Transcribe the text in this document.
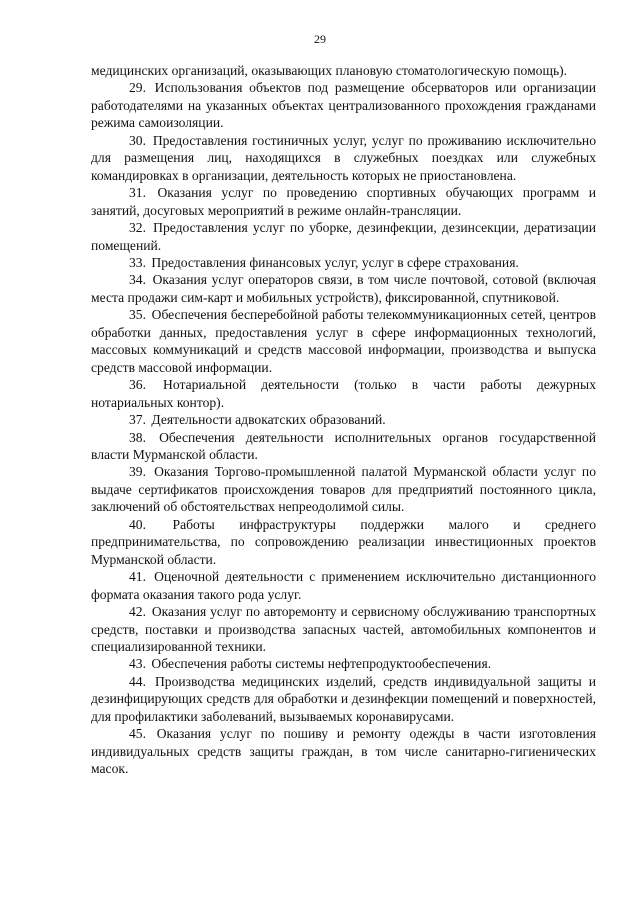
29

медицинских организаций, оказывающих плановую стоматологическую помощь).

29. Использования объектов под размещение обсерваторов или организации работодателями на указанных объектах централизованного прохождения гражданами режима самоизоляции.

30. Предоставления гостиничных услуг, услуг по проживанию исключительно для размещения лиц, находящихся в служебных поездках или служебных командировках в организации, деятельность которых не приостановлена.

31. Оказания услуг по проведению спортивных обучающих программ и занятий, досуговых мероприятий в режиме онлайн-трансляции.

32. Предоставления услуг по уборке, дезинфекции, дезинсекции, дератизации помещений.

33. Предоставления финансовых услуг, услуг в сфере страхования.

34. Оказания услуг операторов связи, в том числе почтовой, сотовой (включая места продажи сим-карт и мобильных устройств), фиксированной, спутниковой.

35. Обеспечения бесперебойной работы телекоммуникационных сетей, центров обработки данных, предоставления услуг в сфере информационных технологий, массовых коммуникаций и средств массовой информации, производства и выпуска средств массовой информации.

36. Нотариальной деятельности (только в части работы дежурных нотариальных контор).

37. Деятельности адвокатских образований.

38. Обеспечения деятельности исполнительных органов государственной власти Мурманской области.

39. Оказания Торгово-промышленной палатой Мурманской области услуг по выдаче сертификатов происхождения товаров для предприятий постоянного цикла, заключений об обстоятельствах непреодолимой силы.

40. Работы инфраструктуры поддержки малого и среднего предпринимательства, по сопровождению реализации инвестиционных проектов Мурманской области.

41. Оценочной деятельности с применением исключительно дистанционного формата оказания такого рода услуг.

42. Оказания услуг по авторемонту и сервисному обслуживанию транспортных средств, поставки и производства запасных частей, автомобильных компонентов и специализированной техники.

43. Обеспечения работы системы нефтепродуктообеспечения.

44. Производства медицинских изделий, средств индивидуальной защиты и дезинфицирующих средств для обработки и дезинфекции помещений и поверхностей, для профилактики заболеваний, вызываемых коронавирусами.

45. Оказания услуг по пошиву и ремонту одежды в части изготовления индивидуальных средств защиты граждан, в том числе санитарно-гигиенических масок.
